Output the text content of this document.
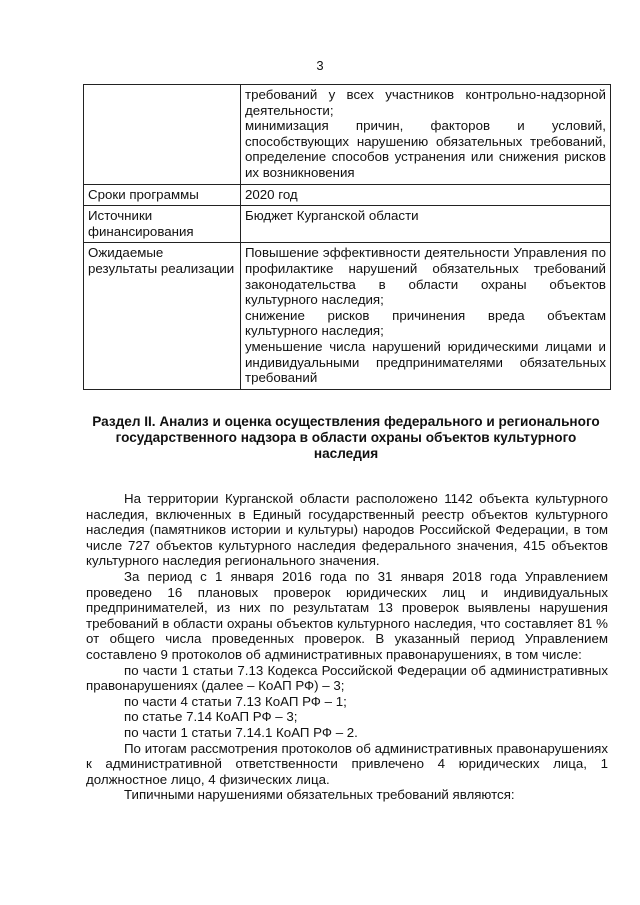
3

	требований у всех участников контрольно-надзорной деятельности;
минимизация причин, факторов и условий, способствующих нарушению обязательных требований, определение способов устранения или снижения рисков их возникновения

Сроки программы	2020 год

Источники финансирования	Бюджет Курганской области

Ожидаемые результаты реализации	Повышение эффективности деятельности Управления по профилактике нарушений обязательных требований законодательства в области охраны объектов культурного наследия;
снижение рисков причинения вреда объектам культурного наследия;
уменьшение числа нарушений юридическими лицами и индивидуальными предпринимателями обязательных требований
Раздел II. Анализ и оценка осуществления федерального и регионального государственного надзора в области охраны объектов культурного наследия

На территории Курганской области расположено 1142 объекта культурного наследия, включенных в Единый государственный реестр объектов культурного наследия (памятников истории и культуры) народов Российской Федерации, в том числе 727 объектов культурного наследия федерального значения, 415 объектов культурного наследия регионального значения.

За период с 1 января 2016 года по 31 января 2018 года Управлением проведено 16 плановых проверок юридических лиц и индивидуальных предпринимателей, из них по результатам 13 проверок выявлены нарушения требований в области охраны объектов культурного наследия, что составляет 81 % от общего числа проведенных проверок. В указанный период Управлением составлено 9 протоколов об административных правонарушениях, в том числе:

по части 1 статьи 7.13 Кодекса Российской Федерации об административных правонарушениях (далее – КоАП РФ) – 3;

по части 4 статьи 7.13 КоАП РФ – 1;

по статье 7.14 КоАП РФ – 3;

по части 1 статьи 7.14.1 КоАП РФ – 2.

По итогам рассмотрения протоколов об административных правонарушениях к административной ответственности привлечено 4 юридических лица, 1 должностное лицо, 4 физических лица.

Типичными нарушениями обязательных требований являются:
